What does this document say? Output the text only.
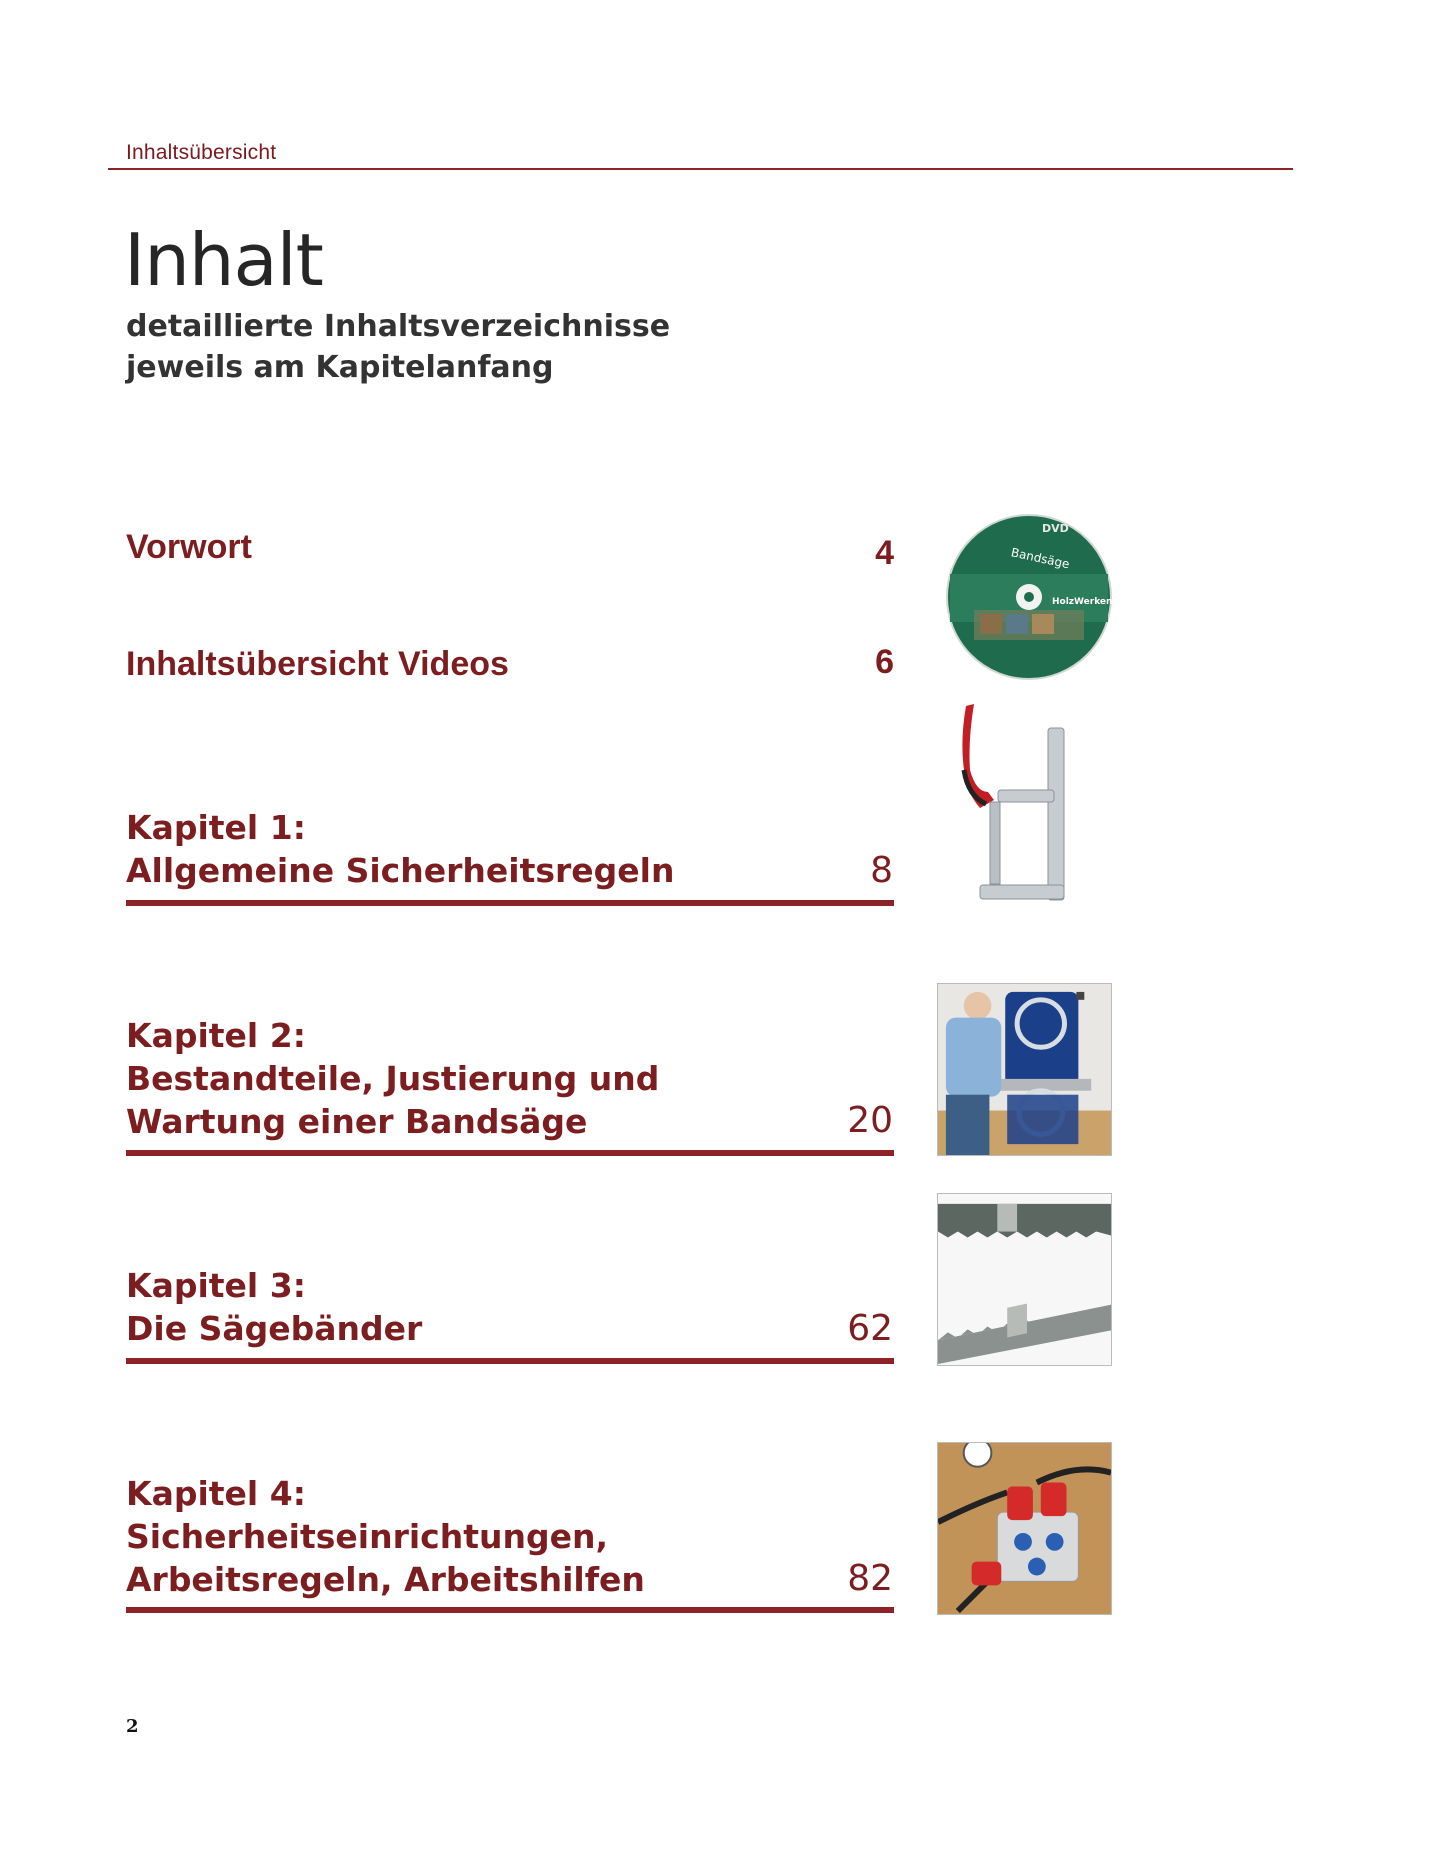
Inhaltsübersicht
Inhalt
detaillierte Inhaltsverzeichnisse
jeweils am Kapitelanfang
Vorwort	4
Inhaltsübersicht Videos	6
Kapitel 1:
Allgemeine Sicherheitsregeln	8
Kapitel 2:
Bestandteile, Justierung und
Wartung einer Bandsäge	20
Kapitel 3:
Die Sägebänder	62
Kapitel 4:
Sicherheitseinrichtungen,
Arbeitsregeln, Arbeitshilfen	82
DVD
Bandsäge
HolzWerken
2
